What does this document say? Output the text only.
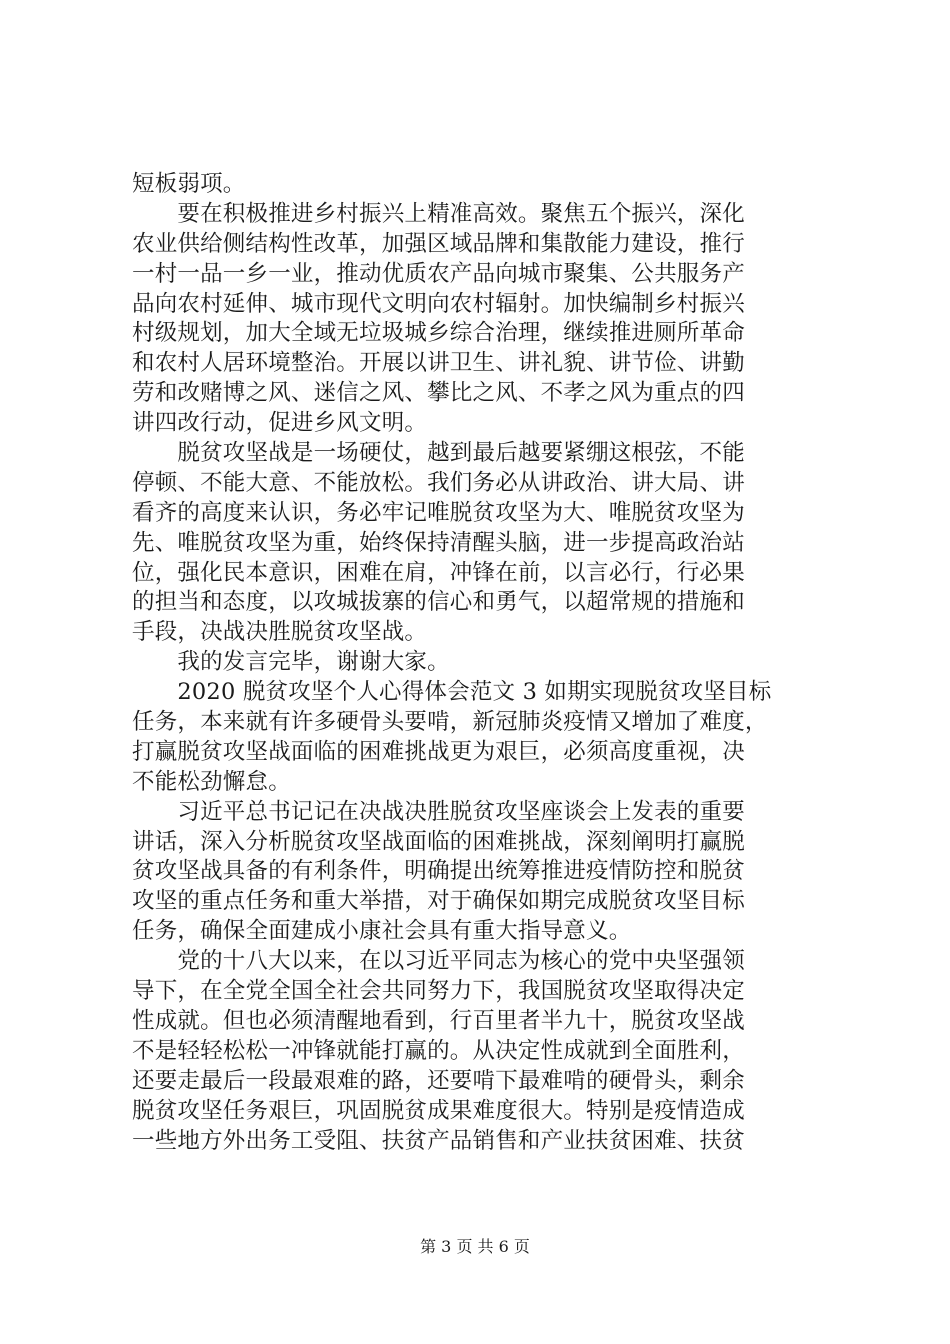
短板弱项。
　　要在积极推进乡村振兴上精准高效。聚焦五个振兴，深化
农业供给侧结构性改革，加强区域品牌和集散能力建设，推行
一村一品一乡一业，推动优质农产品向城市聚集、公共服务产
品向农村延伸、城市现代文明向农村辐射。加快编制乡村振兴
村级规划，加大全域无垃圾城乡综合治理，继续推进厕所革命
和农村人居环境整治。开展以讲卫生、讲礼貌、讲节俭、讲勤
劳和改赌博之风、迷信之风、攀比之风、不孝之风为重点的四
讲四改行动，促进乡风文明。
　　脱贫攻坚战是一场硬仗，越到最后越要紧绷这根弦，不能
停顿、不能大意、不能放松。我们务必从讲政治、讲大局、讲
看齐的高度来认识，务必牢记唯脱贫攻坚为大、唯脱贫攻坚为
先、唯脱贫攻坚为重，始终保持清醒头脑，进一步提高政治站
位，强化民本意识，困难在肩，冲锋在前，以言必行，行必果
的担当和态度，以攻城拔寨的信心和勇气，以超常规的措施和
手段，决战决胜脱贫攻坚战。
　　我的发言完毕，谢谢大家。
　　2020 脱贫攻坚个人心得体会范文 3 如期实现脱贫攻坚目标
任务，本来就有许多硬骨头要啃，新冠肺炎疫情又增加了难度，
打赢脱贫攻坚战面临的困难挑战更为艰巨，必须高度重视，决
不能松劲懈怠。
　　习近平总书记记在决战决胜脱贫攻坚座谈会上发表的重要
讲话，深入分析脱贫攻坚战面临的困难挑战，深刻阐明打赢脱
贫攻坚战具备的有利条件，明确提出统筹推进疫情防控和脱贫
攻坚的重点任务和重大举措，对于确保如期完成脱贫攻坚目标
任务，确保全面建成小康社会具有重大指导意义。
　　党的十八大以来，在以习近平同志为核心的党中央坚强领
导下，在全党全国全社会共同努力下，我国脱贫攻坚取得决定
性成就。但也必须清醒地看到，行百里者半九十，脱贫攻坚战
不是轻轻松松一冲锋就能打赢的。从决定性成就到全面胜利，
还要走最后一段最艰难的路，还要啃下最难啃的硬骨头，剩余
脱贫攻坚任务艰巨，巩固脱贫成果难度很大。特别是疫情造成
一些地方外出务工受阻、扶贫产品销售和产业扶贫困难、扶贫
第 3 页 共 6 页
